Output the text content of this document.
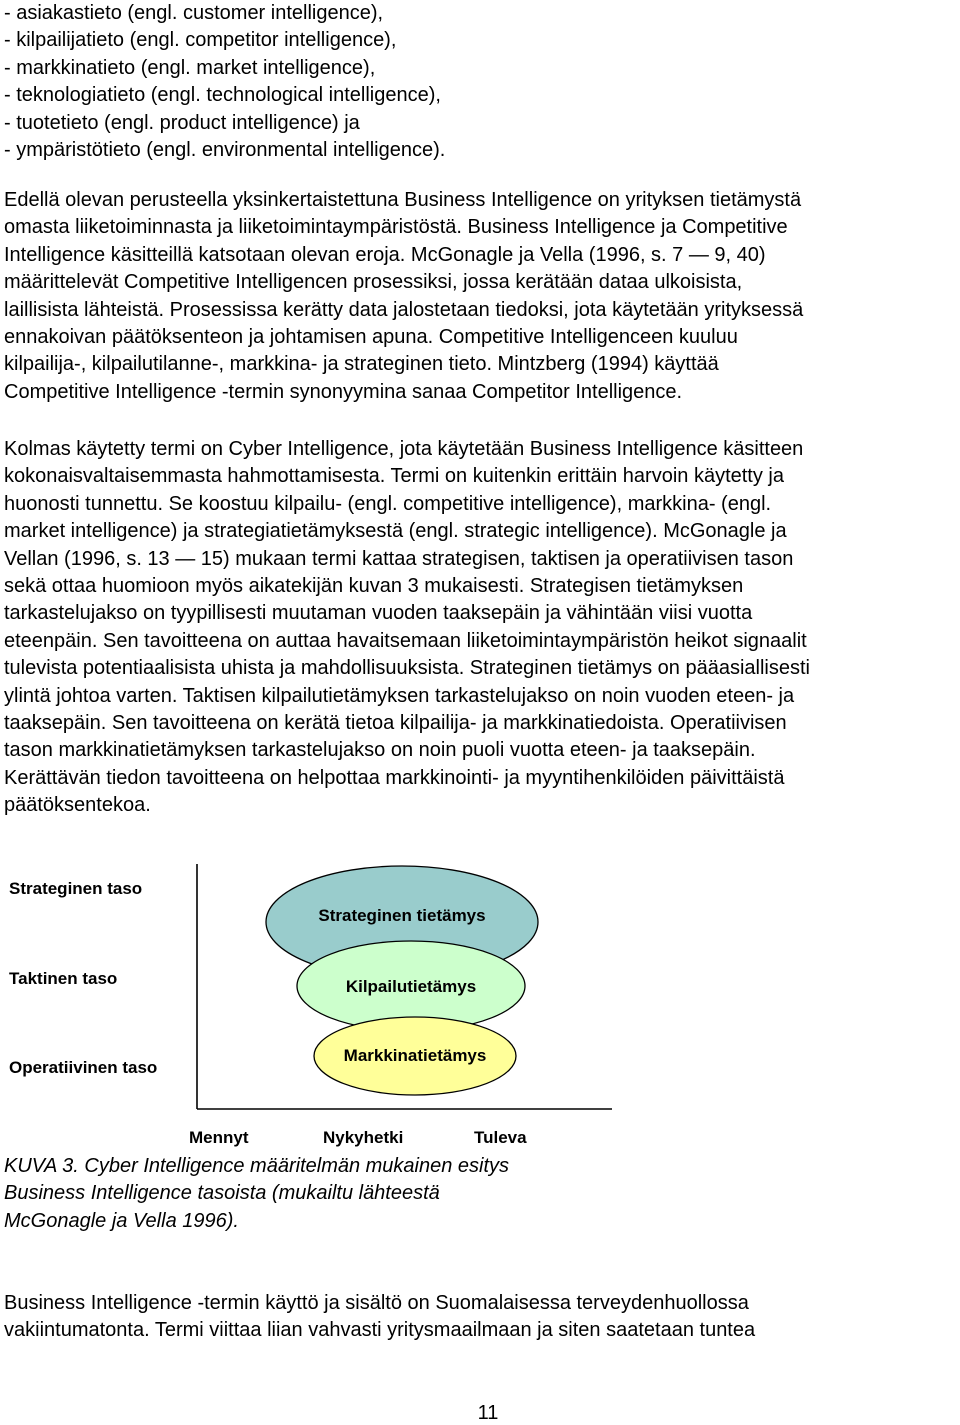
- asiakastieto (engl. customer intelligence),
- kilpailijatieto (engl. competitor intelligence),
- markkinatieto (engl. market intelligence),
- teknologiatieto (engl. technological intelligence),
- tuotetieto (engl. product intelligence) ja
- ympäristötieto (engl. environmental intelligence).

Edellä olevan perusteella yksinkertaistettuna Business Intelligence on yrityksen tietämystä
omasta liiketoiminnasta ja liiketoimintaympäristöstä. Business Intelligence ja Competitive
Intelligence käsitteillä katsotaan olevan eroja. McGonagle ja Vella (1996, s. 7 — 9, 40)
määrittelevät Competitive Intelligencen prosessiksi, jossa kerätään dataa ulkoisista,
laillisista lähteistä. Prosessissa kerätty data jalostetaan tiedoksi, jota käytetään yrityksessä
ennakoivan päätöksenteon ja johtamisen apuna. Competitive Intelligenceen kuuluu
kilpailija-, kilpailutilanne-, markkina- ja strateginen tieto. Mintzberg (1994) käyttää
Competitive Intelligence -termin synonyymina sanaa Competitor Intelligence.

Kolmas käytetty termi on Cyber Intelligence, jota käytetään Business Intelligence käsitteen
kokonaisvaltaisemmasta hahmottamisesta. Termi on kuitenkin erittäin harvoin käytetty ja
huonosti tunnettu. Se koostuu kilpailu- (engl. competitive intelligence), markkina- (engl.
market intelligence) ja strategiatietämyksestä (engl. strategic intelligence). McGonagle ja
Vellan (1996, s. 13 — 15) mukaan termi kattaa strategisen, taktisen ja operatiivisen tason
sekä ottaa huomioon myös aikatekijän kuvan 3 mukaisesti. Strategisen tietämyksen
tarkastelujakso on tyypillisesti muutaman vuoden taaksepäin ja vähintään viisi vuotta
eteenpäin. Sen tavoitteena on auttaa havaitsemaan liiketoimintaympäristön heikot signaalit
tulevista potentiaalisista uhista ja mahdollisuuksista. Strateginen tietämys on pääasiallisesti
ylintä johtoa varten. Taktisen kilpailutietämyksen tarkastelujakso on noin vuoden eteen- ja
taaksepäin. Sen tavoitteena on kerätä tietoa kilpailija- ja markkinatiedoista. Operatiivisen
tason markkinatietämyksen tarkastelujakso on noin puoli vuotta eteen- ja taaksepäin.
Kerättävän tiedon tavoitteena on helpottaa markkinointi- ja myyntihenkilöiden päivittäistä
päätöksentekoa.

Strateginen taso
Taktinen taso
Operatiivinen taso
Strateginen tietämys
Kilpailutietämys
Markkinatietämys
Mennyt	Nykyhetki	Tuleva

KUVA 3. Cyber Intelligence määritelmän mukainen esitys
Business Intelligence tasoista (mukailtu lähteestä
McGonagle ja Vella 1996).

Business Intelligence -termin käyttö ja sisältö on Suomalaisessa terveydenhuollossa
vakiintumatonta. Termi viittaa liian vahvasti yritysmaailmaan ja siten saatetaan tuntea

11
